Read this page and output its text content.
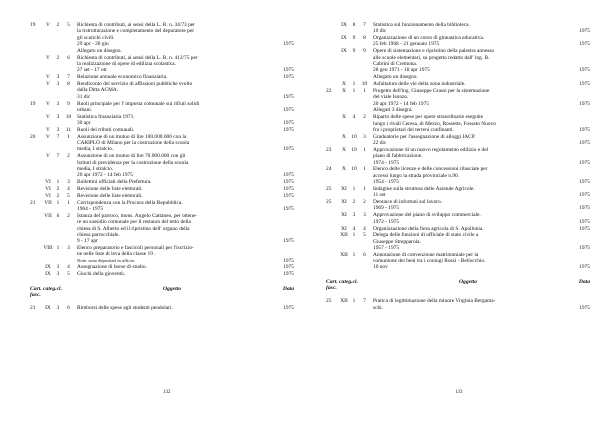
19	V	2	5	Richiesta di contributi, ai sensi della L. R. n. 34/73 per
la ristrutturazione e completamento del depuratore per
gli scarichi civili.
29 apr - 20 giu	1975
Allegato un disegno.
V	2	6	Richiesta di contributi, ai sensi della L. R. n. 412/75 per
la realizzazione di opere di edilizia scolastica.
27 set - 17 ott	1975
V	3	7	Relazione annuale economico finanziaria.	1975
V	3	8	Rendiconto del servizio di affissioni pubbliche svolto
dalla Ditta ACMA.
31 dic	1975
19	V	3	9	Ruoli principale per l' imposta comunale sui rifiuti solidi
urbani.	1975
V	3	10	Statistica finanziaria 1971.
30 apr	1975
V	3	11	Ruoli dei tributi comunali.	1975
20	V	7	1	Assunzione di un mutuo di lire 100.000.000 con la
CARIPLO di Milano per la costruzione della scuola
media, I stralcio.	1975
V	7	2	Assunzione di un mutuo di lire 70.000.000 con gli
Istituti di previdenza per la costruzione della scuola
media, I stralcio.
20 apr 1972 - 14 feb 1975	1975
VI	1	3	Bollettini ufficiali della Prefettura.	1975
VI	2	4	Revisione delle liste elettorali.	1975
VI	2	5	Revisione delle liste elettorali.	1975
21	VII 1	1	Corrispondenza con la Procura della Repubblica.
1964 - 1975	1975
VII 6	2	Istanza del parroco, mons. Angelo Cattaneo, per ottene-
re un sussidio comunale per il restauro del tetto della
chiesa di S. Alberto ed il ripristino dell' organo della
chiesa parrocchiale.
9 - 17 apr	1975
VIII 1	3	Elenco preparatorio e fascicoli personali per l'iscrizio-
ne nelle liste di leva della classe 19 .
Note: sono depositati in ufficio.	1975
IX	3	4	Assegnazione di borse di studio.	1975
IX	3	5	Giochi della gioventù.	1975
Cart. categ.cl. fasc.
Oggetto	Data
21	IX	3	6	Rimborsi delle spese agli studenti pendolari.	1975
IX	8	7	Statistica sul funzionamento della biblioteca.
10 dic	1975
IX	9	8	Organizzazione di un corso di ginnastica educativa.
25 feb 1968 - 21 gennaio 1975	1975
IX	9	9	Opere di sistemazione e ripristino della palestra annessa
alle scuole elementari, su progetto redatto dall' ing. B.
Cabrini di Cremona.
28 gen 1971 - 18 apr 1975	1975
Allegato un disegno.
X	1	10	Asfaltatura delle vie della zona industriale.	1975
22	X	1	1	Progetto dell'ing. Giuseppe Grassi per la sistemazione
del viale Isonzo.
20 apr 1972 - 14 feb 1975	1975
Allegati 3 disegni.
X	4	2	Riparto delle spese per opere straordinarie eseguite
lungo i rivali Ceresa, di Mezzo, Rossette, Fossato Nuovo
fra i proprietari dei terreni confinanti.	1975
X 10	3	Graduatorie per l'assegnazione di alloggi IACP.
22 dic	1975
23	X 10	1	Approvazione di un nuovo regolamento edilizio e del
piano di fabbricazione.
1974 - 1975	1975
24	X 10	1	Elenco delle licenze e delle concessioni rilasciate per
accessi lungo la strada provinciale n.90.
1954 - 1975	1975
25	XI	1	1	Indagine sulla struttura delle Aziende Agricole.
11 set	1975
25	XI	2	2	Denunce di infortuni sul lavoro.
1969 - 1975	1975
XI	3	3	Approvazione del piano di sviluppo commerciale.
1972 - 1975	1975
XI	4	4	Organizzazione della fiera agricola di S. Apollonia.	1975
XII 1	5	Delega delle funzioni di ufficiale di stato civile a
Giuseppe Strepparola.
1957 - 1975	1975
XII 1	6	Annotazione di convenzione matrimoniale per la
comunione dei beni tra i coniugi Rossi - Bellocchio.
10 nov	1975
Cart. categ.cl. fasc.
Oggetto	Data
25	XII 1	7	Pratica di legittimazione della minore Virginia Bergama-
schi.	1975
132	133
